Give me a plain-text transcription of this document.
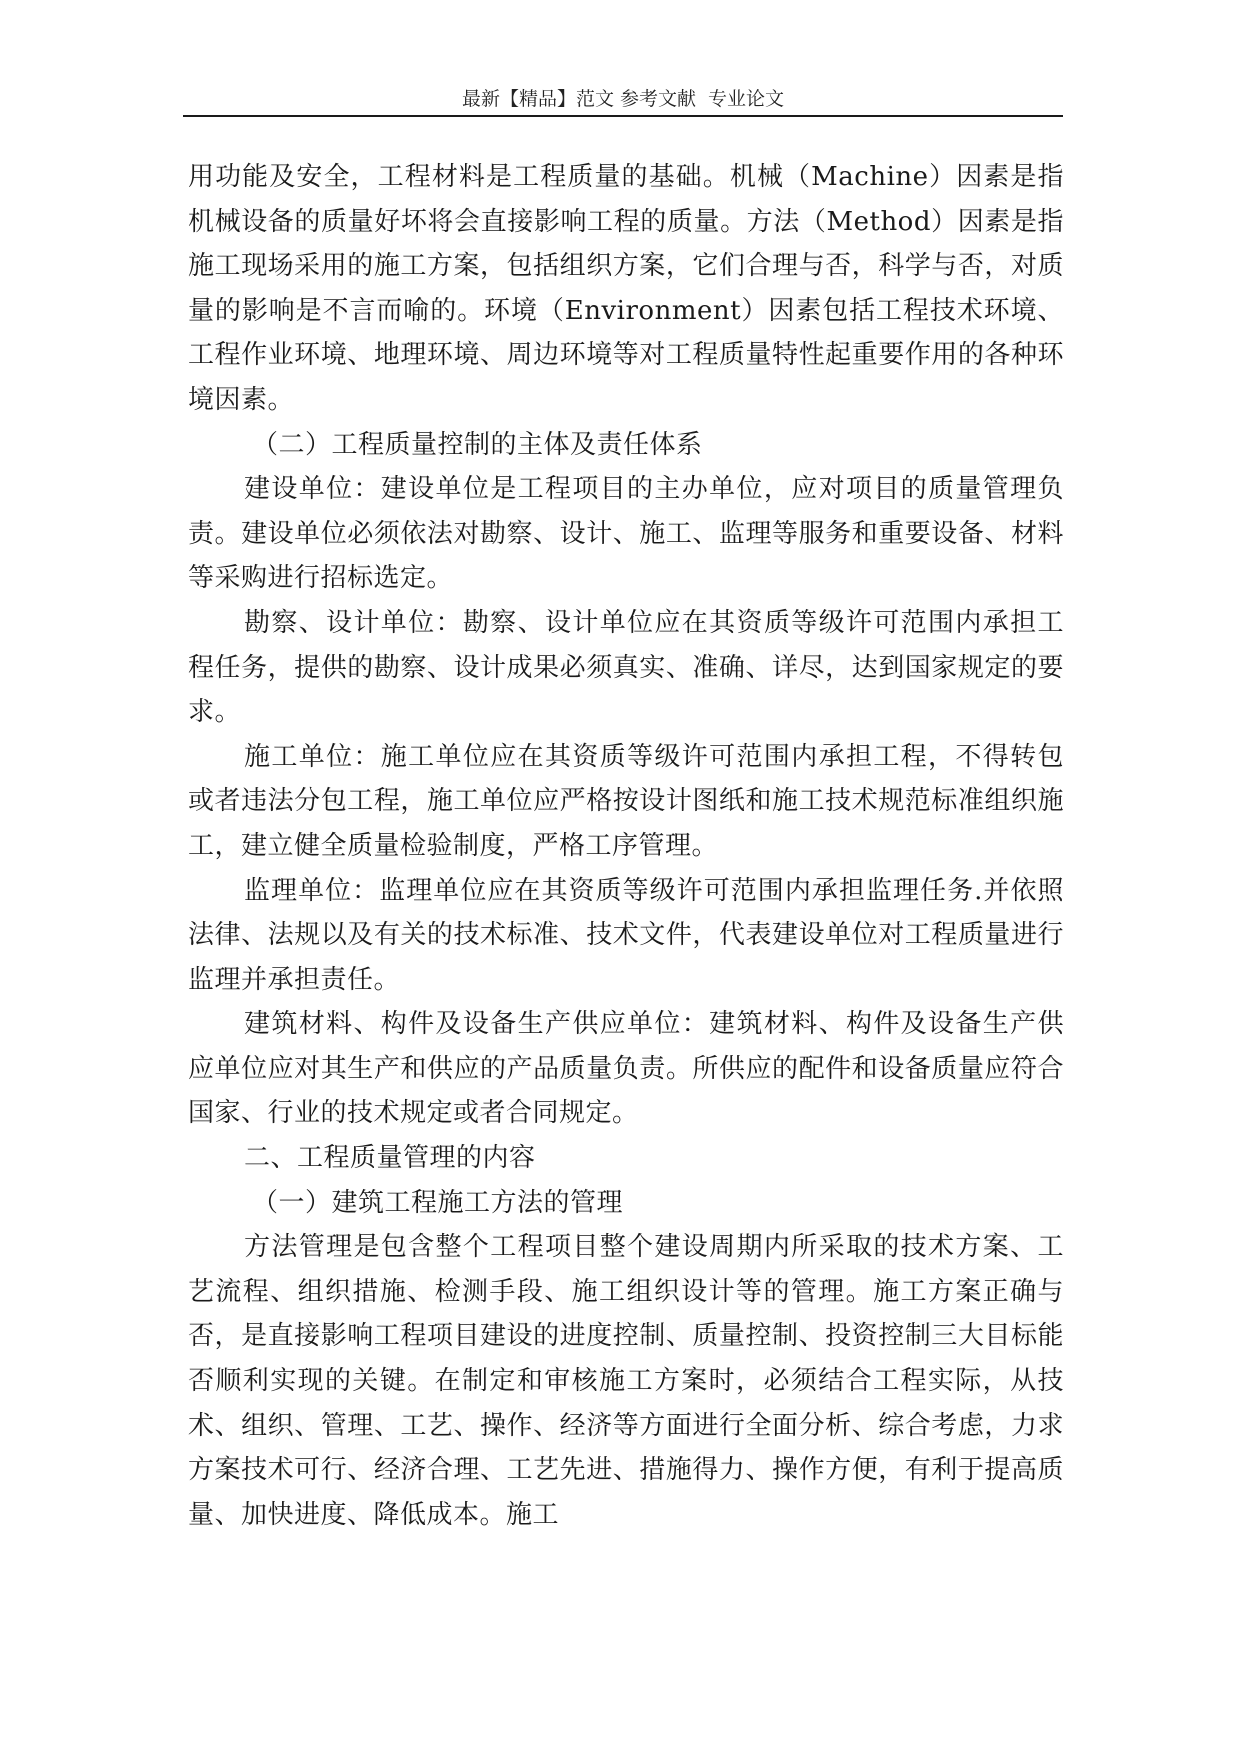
最新【精品】范文 参考文献  专业论文

用功能及安全，工程材料是工程质量的基础。机械（Machine）因素是指机械设备的质量好坏将会直接影响工程的质量。方法（Method）因素是指施工现场采用的施工方案，包括组织方案，它们合理与否，科学与否，对质量的影响是不言而喻的。环境（Environment）因素包括工程技术环境、工程作业环境、地理环境、周边环境等对工程质量特性起重要作用的各种环境因素。

（二）工程质量控制的主体及责任体系

建设单位：建设单位是工程项目的主办单位，应对项目的质量管理负责。建设单位必须依法对勘察、设计、施工、监理等服务和重要设备、材料等采购进行招标选定。

勘察、设计单位：勘察、设计单位应在其资质等级许可范围内承担工程任务，提供的勘察、设计成果必须真实、准确、详尽，达到国家规定的要求。

施工单位：施工单位应在其资质等级许可范围内承担工程，不得转包或者违法分包工程，施工单位应严格按设计图纸和施工技术规范标准组织施工，建立健全质量检验制度，严格工序管理。

监理单位：监理单位应在其资质等级许可范围内承担监理任务.并依照法律、法规以及有关的技术标准、技术文件，代表建设单位对工程质量进行监理并承担责任。

建筑材料、构件及设备生产供应单位：建筑材料、构件及设备生产供应单位应对其生产和供应的产品质量负责。所供应的配件和设备质量应符合国家、行业的技术规定或者合同规定。

二、工程质量管理的内容

（一）建筑工程施工方法的管理

方法管理是包含整个工程项目整个建设周期内所采取的技术方案、工艺流程、组织措施、检测手段、施工组织设计等的管理。施工方案正确与否，是直接影响工程项目建设的进度控制、质量控制、投资控制三大目标能否顺利实现的关键。在制定和审核施工方案时，必须结合工程实际，从技术、组织、管理、工艺、操作、经济等方面进行全面分析、综合考虑，力求方案技术可行、经济合理、工艺先进、措施得力、操作方便，有利于提高质量、加快进度、降低成本。施工
